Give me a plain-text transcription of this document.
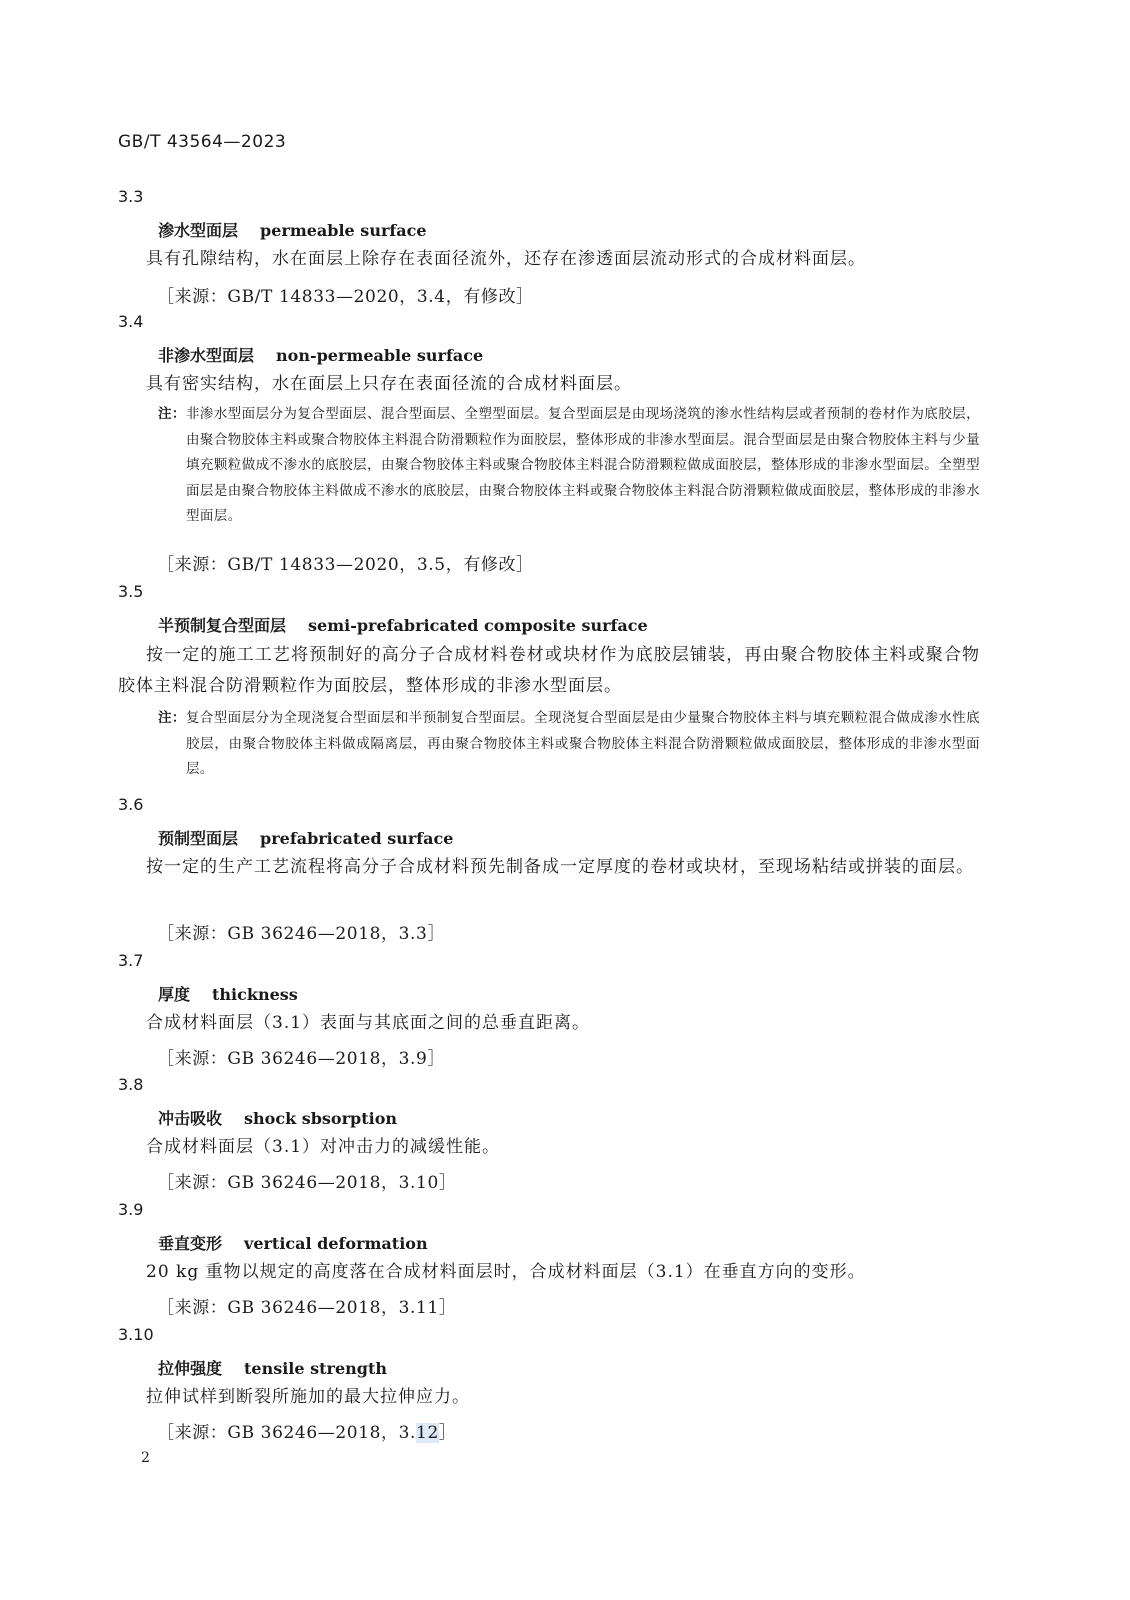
GB/T 43564—2023
3.3
渗水型面层 permeable surface
具有孔隙结构，水在面层上除存在表面径流外，还存在渗透面层流动形式的合成材料面层。
［来源：GB/T 14833—2020，3.4，有修改］
3.4
非渗水型面层 non-permeable surface
具有密实结构，水在面层上只存在表面径流的合成材料面层。
注：非渗水型面层分为复合型面层、混合型面层、全塑型面层。复合型面层是由现场浇筑的渗水性结构层或者预制的卷材作为底胶层，由聚合物胶体主料或聚合物胶体主料混合防滑颗粒作为面胶层，整体形成的非渗水型面层。混合型面层是由聚合物胶体主料与少量填充颗粒做成不渗水的底胶层，由聚合物胶体主料或聚合物胶体主料混合防滑颗粒做成面胶层，整体形成的非渗水型面层。全塑型面层是由聚合物胶体主料做成不渗水的底胶层，由聚合物胶体主料或聚合物胶体主料混合防滑颗粒做成面胶层，整体形成的非渗水型面层。
［来源：GB/T 14833—2020，3.5，有修改］
3.5
半预制复合型面层 semi-prefabricated composite surface
按一定的施工工艺将预制好的高分子合成材料卷材或块材作为底胶层铺装，再由聚合物胶体主料或聚合物胶体主料混合防滑颗粒作为面胶层，整体形成的非渗水型面层。
注：复合型面层分为全现浇复合型面层和半预制复合型面层。全现浇复合型面层是由少量聚合物胶体主料与填充颗粒混合做成渗水性底胶层，由聚合物胶体主料做成隔离层，再由聚合物胶体主料或聚合物胶体主料混合防滑颗粒做成面胶层，整体形成的非渗水型面层。
3.6
预制型面层 prefabricated surface
按一定的生产工艺流程将高分子合成材料预先制备成一定厚度的卷材或块材，至现场粘结或拼装的面层。
［来源：GB 36246—2018，3.3］
3.7
厚度 thickness
合成材料面层（3.1）表面与其底面之间的总垂直距离。
［来源：GB 36246—2018，3.9］
3.8
冲击吸收 shock sbsorption
合成材料面层（3.1）对冲击力的减缓性能。
［来源：GB 36246—2018，3.10］
3.9
垂直变形 vertical deformation
20 kg 重物以规定的高度落在合成材料面层时，合成材料面层（3.1）在垂直方向的变形。
［来源：GB 36246—2018，3.11］
3.10
拉伸强度 tensile strength
拉伸试样到断裂所施加的最大拉伸应力。
［来源：GB 36246—2018，3.12］
2
